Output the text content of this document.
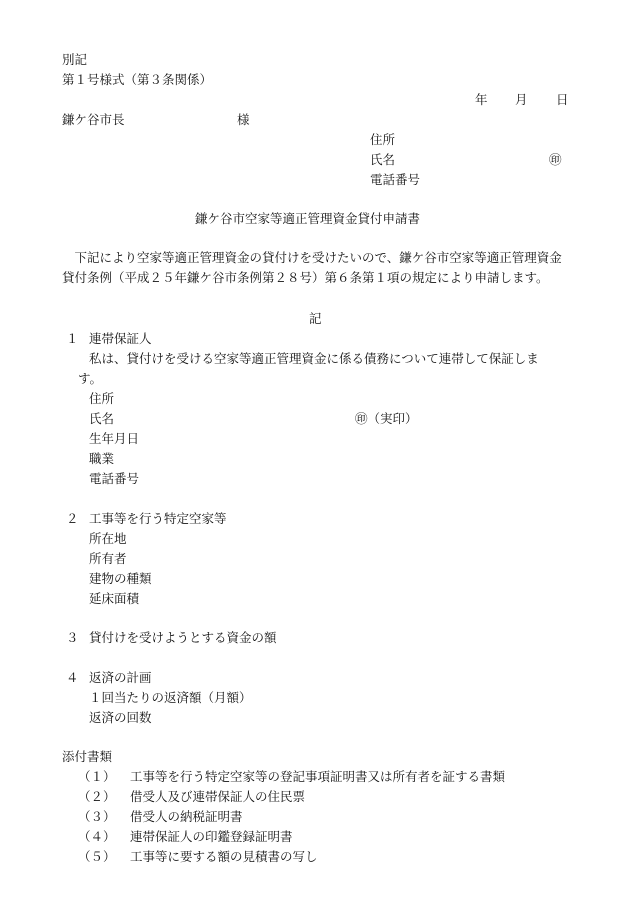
別記
第１号様式（第３条関係）
年 月 日
鎌ケ谷市長	様
住所
氏名	㊞
電話番号
鎌ケ谷市空家等適正管理資金貸付申請書
下記により空家等適正管理資金の貸付けを受けたいので、鎌ケ谷市空家等適正管理資金貸付条例（平成２５年鎌ケ谷市条例第２８号）第６条第１項の規定により申請します。
記
１ 連帯保証人
私は、貸付けを受ける空家等適正管理資金に係る債務について連帯して保証しま
す。
住所
氏名	㊞（実印）
生年月日
職業
電話番号
２ 工事等を行う特定空家等
所在地
所有者
建物の種類
延床面積
３ 貸付けを受けようとする資金の額
４ 返済の計画
１回当たりの返済額（月額）
返済の回数
添付書類
（１） 工事等を行う特定空家等の登記事項証明書又は所有者を証する書類
（２） 借受人及び連帯保証人の住民票
（３） 借受人の納税証明書
（４） 連帯保証人の印鑑登録証明書
（５） 工事等に要する額の見積書の写し
